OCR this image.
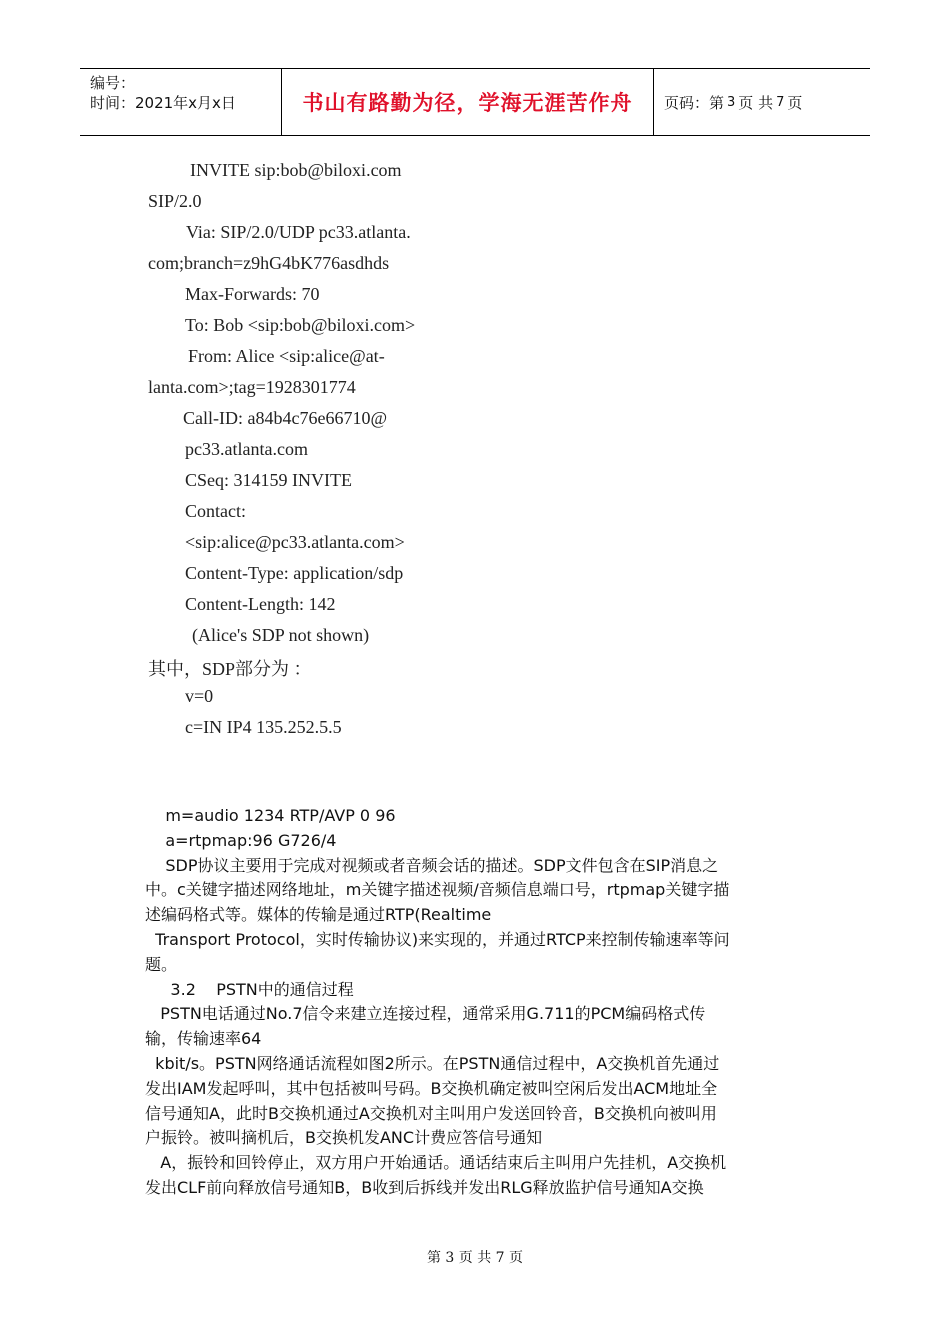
编号：
时间：2021年x月x日	书山有路勤为径，学海无涯苦作舟 页码：第 3 页 共 7 页
INVITE sip:bob@biloxi.com
SIP/2.0
Via: SIP/2.0/UDP pc33.atlanta.
com;branch=z9hG4bK776asdhds
Max-Forwards: 70
To: Bob <sip:bob@biloxi.com>
From: Alice <sip:alice@at-
lanta.com>;tag=1928301774
Call-ID: a84b4c76e66710@
pc33.atlanta.com
CSeq: 314159 INVITE
Contact:
<sip:alice@pc33.atlanta.com>
Content-Type: application/sdp
Content-Length: 142
(Alice's SDP not shown)
其中，SDP部分为 ：
v=0
c=IN IP4 135.252.5.5

m=audio 1234 RTP/AVP 0 96

a=rtpmap:96 G726/4

SDP协议主要用于完成对视频或者音频会话的描述。SDP文件包含在SIP消息之

中。c关键字描述网络地址，m关键字描述视频/音频信息端口号，rtpmap关键字描

述编码格式等。媒体的传输是通过RTP(Realtime

Transport Protocol，实时传输协议)来实现的，并通过RTCP来控制传输速率等问

题。

3.2    PSTN中的通信过程

PSTN电话通过No.7信令来建立连接过程，通常采用G.711的PCM编码格式传

输，传输速率64

kbit/s。PSTN网络通话流程如图2所示。在PSTN通信过程中，A交换机首先通过

发出IAM发起呼叫，其中包括被叫号码。B交换机确定被叫空闲后发出ACM地址全

信号通知A，此时B交换机通过A交换机对主叫用户发送回铃音，B交换机向被叫用

户振铃。被叫摘机后，B交换机发ANC计费应答信号通知

A，振铃和回铃停止，双方用户开始通话。通话结束后主叫用户先挂机，A交换机

发出CLF前向释放信号通知B，B收到后拆线并发出RLG释放监护信号通知A交换

第 3 页 共 7 页
